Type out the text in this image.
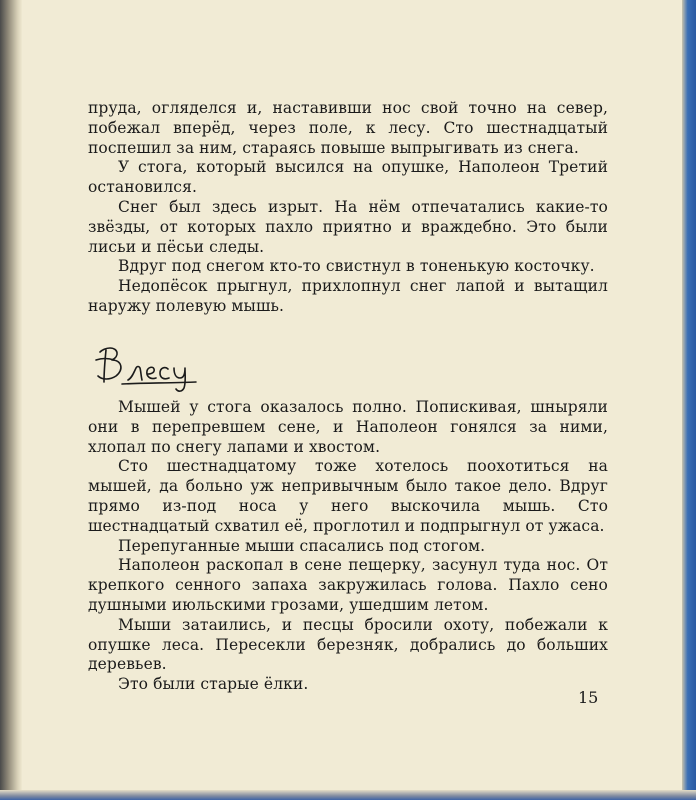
пруда, огляделся и, наставивши нос свой точно на север, побежал вперёд, через поле, к лесу. Сто шестнадцатый поспешил за ним, стараясь повыше выпрыгивать из снега.

У стога, который высился на опушке, Наполеон Третий остановился.

Снег был здесь изрыт. На нём отпечатались какие-то звёзды, от которых пахло приятно и враждебно. Это были лисьи и пёсьи следы.

Вдруг под снегом кто-то свистнул в тоненькую косточку.

Недопёсок прыгнул, прихлопнул снег лапой и вытащил наружу полевую мышь.

Мышей у стога оказалось полно. Попискивая, шныряли они в перепревшем сене, и Наполеон гонялся за ними, хлопал по снегу лапами и хвостом.

Сто шестнадцатому тоже хотелось поохотиться на мышей, да больно уж непривычным было такое дело. Вдруг прямо из-под носа у него выскочила мышь. Сто шестнадцатый схватил её, проглотил и подпрыгнул от ужаса.

Перепуганные мыши спасались под стогом.

Наполеон раскопал в сене пещерку, засунул туда нос. От крепкого сенного запаха закружилась голова. Пахло сено душными июльскими грозами, ушедшим летом.

Мыши затаились, и песцы бросили охоту, побежали к опушке леса. Пересекли березняк, добрались до больших деревьев.

Это были старые ёлки.

15
